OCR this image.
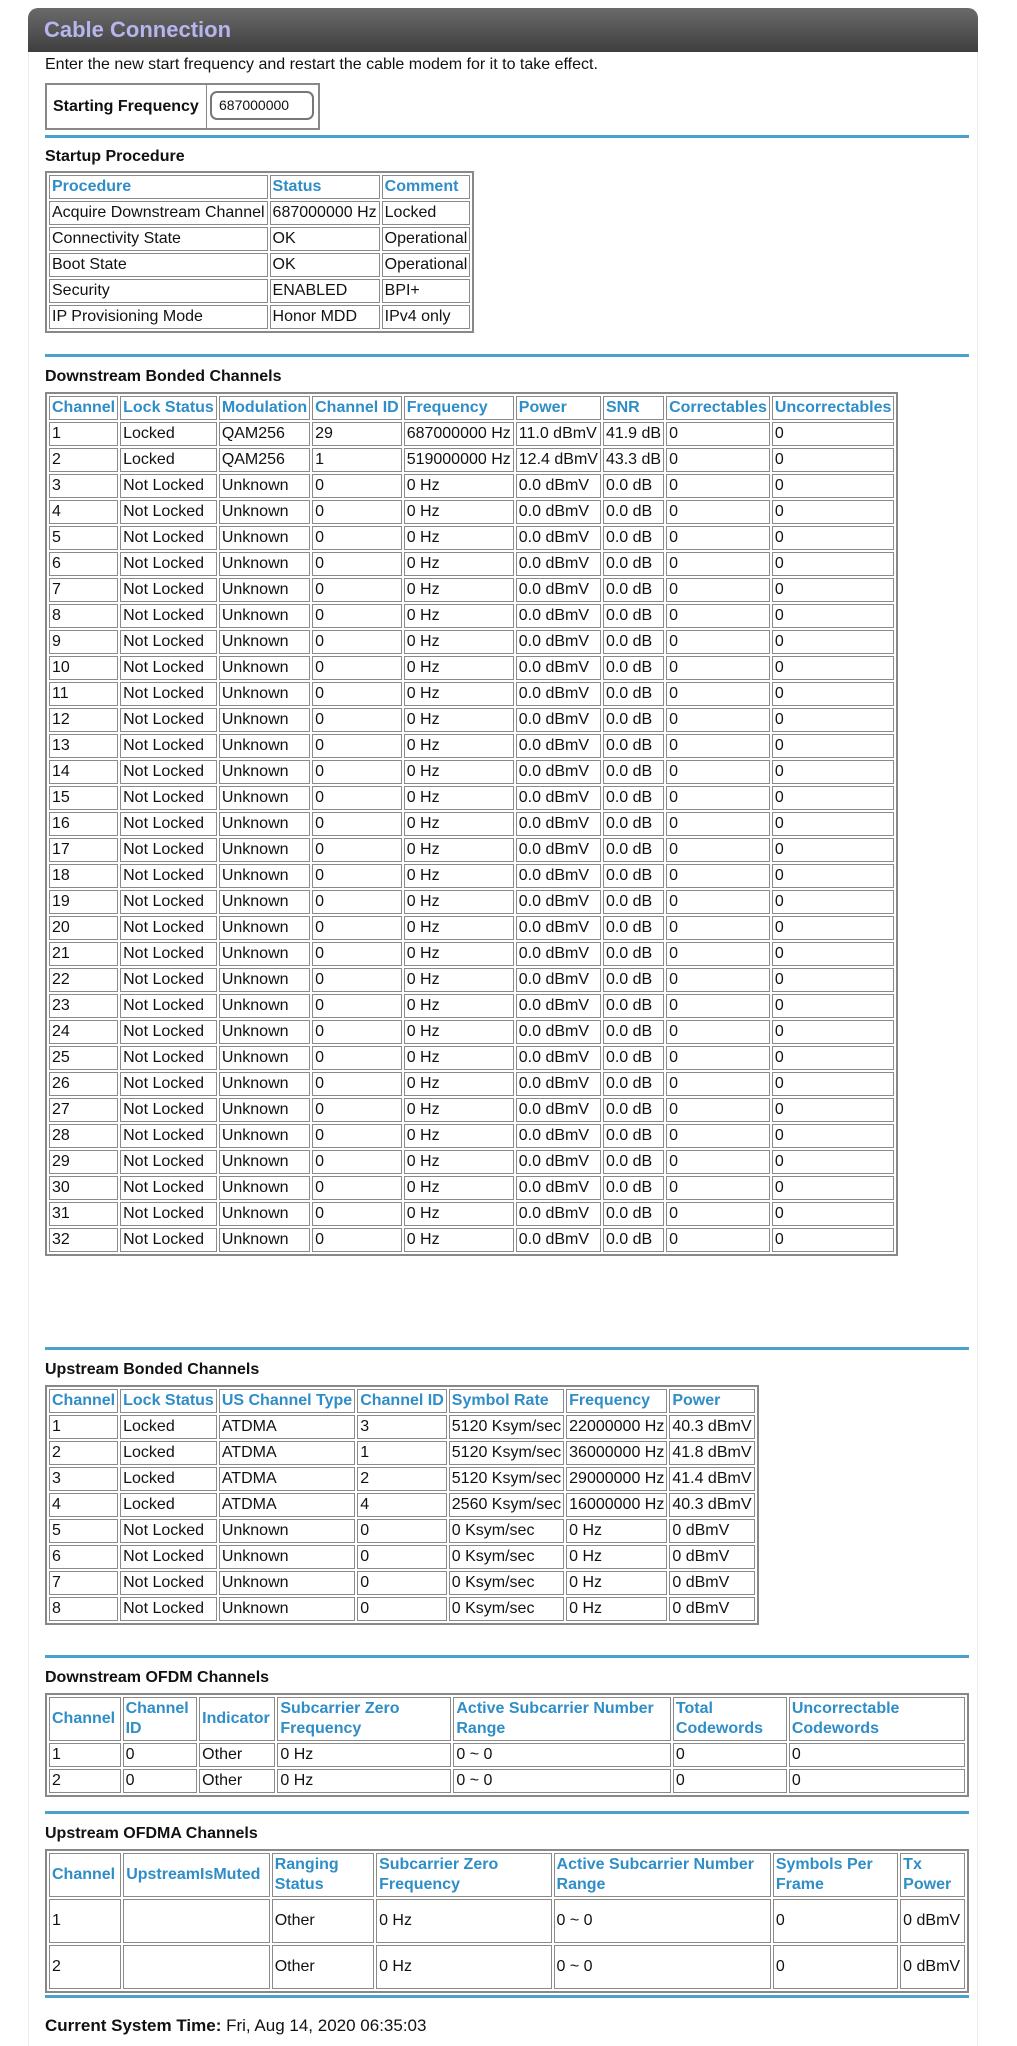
Cable Connection
Enter the new start frequency and restart the cable modem for it to take effect.
Starting Frequency	687000000
Startup Procedure
Procedure	Status	Comment
Acquire Downstream Channel	687000000 Hz	Locked
Connectivity State	OK	Operational
Boot State	OK	Operational
Security	ENABLED	BPI+
IP Provisioning Mode	Honor MDD	IPv4 only
Downstream Bonded Channels
Channel	Lock Status	Modulation	Channel ID	Frequency	Power	SNR	Correctables	Uncorrectables
1	Locked	QAM256	29	687000000 Hz	11.0 dBmV	41.9 dB	0	0
2	Locked	QAM256	1	519000000 Hz	12.4 dBmV	43.3 dB	0	0
3	Not Locked	Unknown	0	0 Hz	0.0 dBmV	0.0 dB	0	0
4	Not Locked	Unknown	0	0 Hz	0.0 dBmV	0.0 dB	0	0
5	Not Locked	Unknown	0	0 Hz	0.0 dBmV	0.0 dB	0	0
6	Not Locked	Unknown	0	0 Hz	0.0 dBmV	0.0 dB	0	0
7	Not Locked	Unknown	0	0 Hz	0.0 dBmV	0.0 dB	0	0
8	Not Locked	Unknown	0	0 Hz	0.0 dBmV	0.0 dB	0	0
9	Not Locked	Unknown	0	0 Hz	0.0 dBmV	0.0 dB	0	0
10	Not Locked	Unknown	0	0 Hz	0.0 dBmV	0.0 dB	0	0
11	Not Locked	Unknown	0	0 Hz	0.0 dBmV	0.0 dB	0	0
12	Not Locked	Unknown	0	0 Hz	0.0 dBmV	0.0 dB	0	0
13	Not Locked	Unknown	0	0 Hz	0.0 dBmV	0.0 dB	0	0
14	Not Locked	Unknown	0	0 Hz	0.0 dBmV	0.0 dB	0	0
15	Not Locked	Unknown	0	0 Hz	0.0 dBmV	0.0 dB	0	0
16	Not Locked	Unknown	0	0 Hz	0.0 dBmV	0.0 dB	0	0
17	Not Locked	Unknown	0	0 Hz	0.0 dBmV	0.0 dB	0	0
18	Not Locked	Unknown	0	0 Hz	0.0 dBmV	0.0 dB	0	0
19	Not Locked	Unknown	0	0 Hz	0.0 dBmV	0.0 dB	0	0
20	Not Locked	Unknown	0	0 Hz	0.0 dBmV	0.0 dB	0	0
21	Not Locked	Unknown	0	0 Hz	0.0 dBmV	0.0 dB	0	0
22	Not Locked	Unknown	0	0 Hz	0.0 dBmV	0.0 dB	0	0
23	Not Locked	Unknown	0	0 Hz	0.0 dBmV	0.0 dB	0	0
24	Not Locked	Unknown	0	0 Hz	0.0 dBmV	0.0 dB	0	0
25	Not Locked	Unknown	0	0 Hz	0.0 dBmV	0.0 dB	0	0
26	Not Locked	Unknown	0	0 Hz	0.0 dBmV	0.0 dB	0	0
27	Not Locked	Unknown	0	0 Hz	0.0 dBmV	0.0 dB	0	0
28	Not Locked	Unknown	0	0 Hz	0.0 dBmV	0.0 dB	0	0
29	Not Locked	Unknown	0	0 Hz	0.0 dBmV	0.0 dB	0	0
30	Not Locked	Unknown	0	0 Hz	0.0 dBmV	0.0 dB	0	0
31	Not Locked	Unknown	0	0 Hz	0.0 dBmV	0.0 dB	0	0
32	Not Locked	Unknown	0	0 Hz	0.0 dBmV	0.0 dB	0	0
Upstream Bonded Channels
Channel	Lock Status	US Channel Type	Channel ID	Symbol Rate	Frequency	Power
1	Locked	ATDMA	3	5120 Ksym/sec	22000000 Hz	40.3 dBmV
2	Locked	ATDMA	1	5120 Ksym/sec	36000000 Hz	41.8 dBmV
3	Locked	ATDMA	2	5120 Ksym/sec	29000000 Hz	41.4 dBmV
4	Locked	ATDMA	4	2560 Ksym/sec	16000000 Hz	40.3 dBmV
5	Not Locked	Unknown	0	0 Ksym/sec	0 Hz	0 dBmV
6	Not Locked	Unknown	0	0 Ksym/sec	0 Hz	0 dBmV
7	Not Locked	Unknown	0	0 Ksym/sec	0 Hz	0 dBmV
8	Not Locked	Unknown	0	0 Ksym/sec	0 Hz	0 dBmV
Downstream OFDM Channels
Channel	Channel ID	Indicator	Subcarrier Zero Frequency	Active Subcarrier Number Range	Total Codewords	Uncorrectable Codewords
1	0	Other	0 Hz	0 ~ 0	0	0
2	0	Other	0 Hz	0 ~ 0	0	0
Upstream OFDMA Channels
Channel	UpstreamIsMuted	Ranging Status	Subcarrier Zero Frequency	Active Subcarrier Number Range	Symbols Per Frame	Tx Power
1		Other	0 Hz	0 ~ 0	0	0 dBmV
2		Other	0 Hz	0 ~ 0	0	0 dBmV
Current System Time: Fri, Aug 14, 2020 06:35:03
